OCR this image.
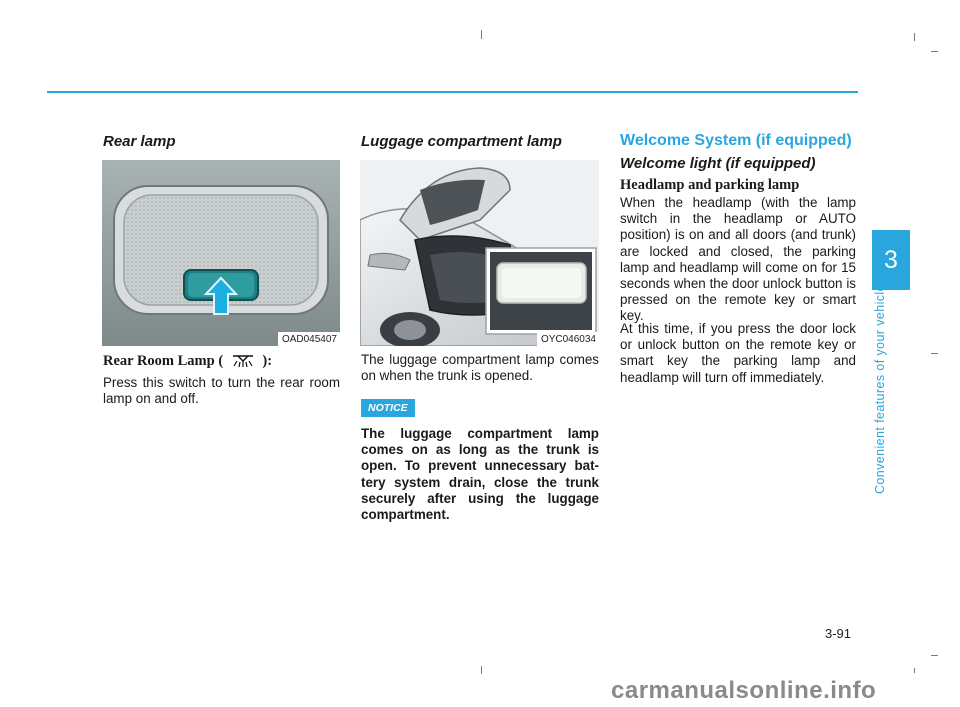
Rear lamp
OAD045407
Rear Room Lamp (	):

Press this switch to turn the rear room lamp on and off.

Luggage compartment lamp
OYC046034

The luggage compartment lamp comes on when the trunk is opened.

NOTICE

The luggage compartment lamp comes on as long as the trunk is open. To prevent unnecessary bat-tery system drain, close the trunk securely after using the luggage compartment.

Welcome System (if equipped)
Welcome light (if equipped)
Headlamp and parking lamp

When the headlamp (with the lamp switch in the headlamp or AUTO position) is on and all doors (and trunk) are locked and closed, the parking lamp and headlamp will come on for 15 seconds when the door unlock button is pressed on the remote key or smart key.

At this time, if you press the door lock or unlock button on the remote key or smart key the parking lamp and headlamp will turn off immediately.

3
Convenient features of your vehicle
3-91
carmanualsonline.info
